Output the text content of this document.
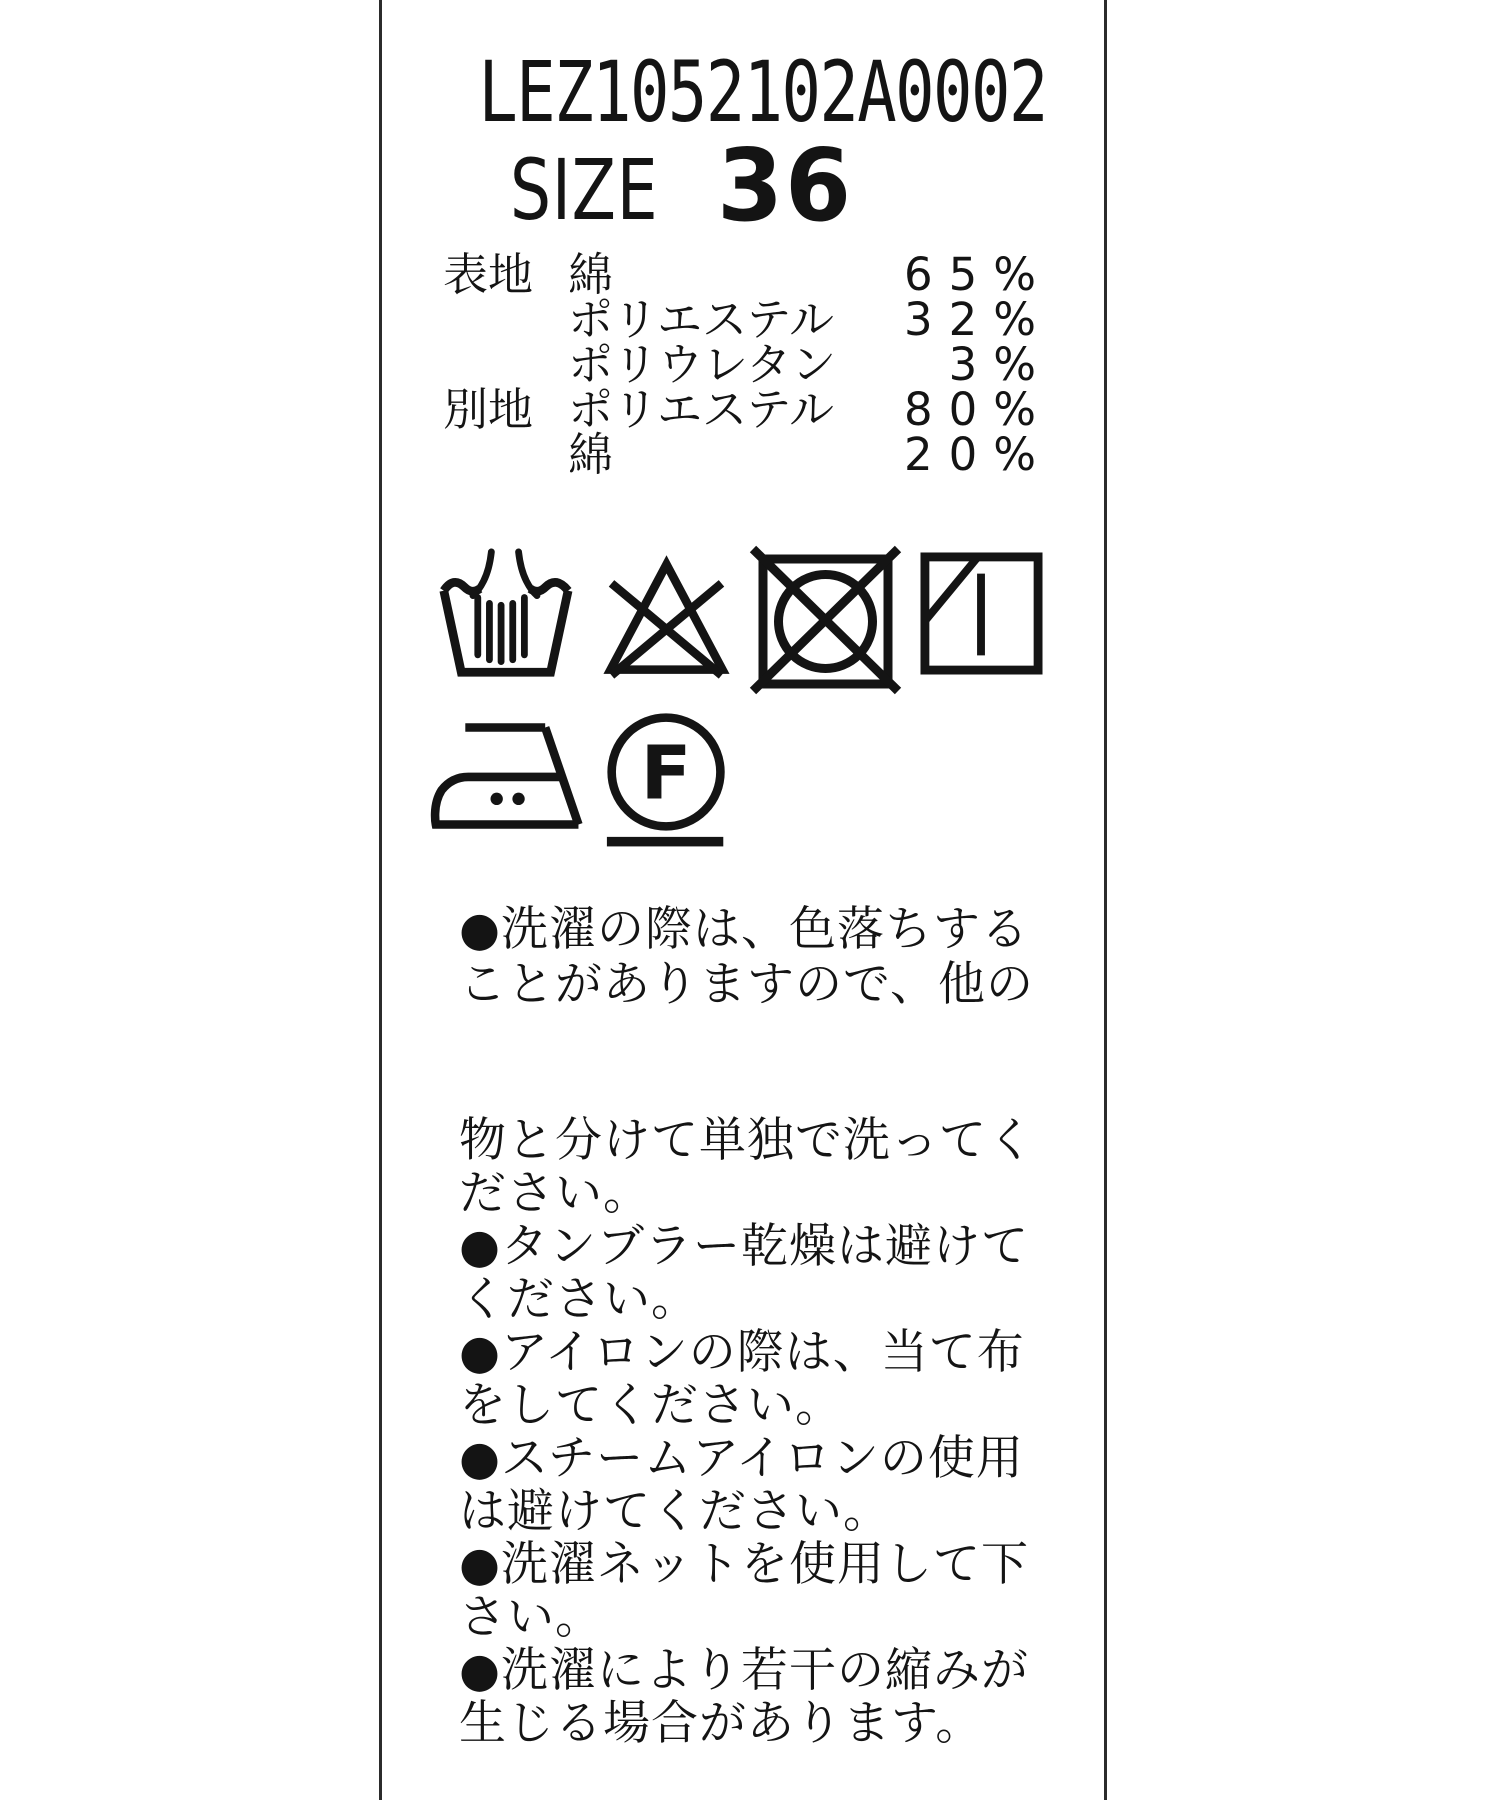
LEZ1052102A0002
SIZE 36
表地 綿	65%
ポリエステル 32%
ポリウレタン 3%
別地 ポリエステル 80%
綿	20%
F
●洗濯の際は、色落ちする
ことがありますので、他の
物と分けて単独で洗ってく
ださい。
●タンブラー乾燥は避けて
ください。
●アイロンの際は、当て布
をしてください。
●スチームアイロンの使用
は避けてください。
●洗濯ネットを使用して下
さい。
●洗濯により若干の縮みが
生じる場合があります。
